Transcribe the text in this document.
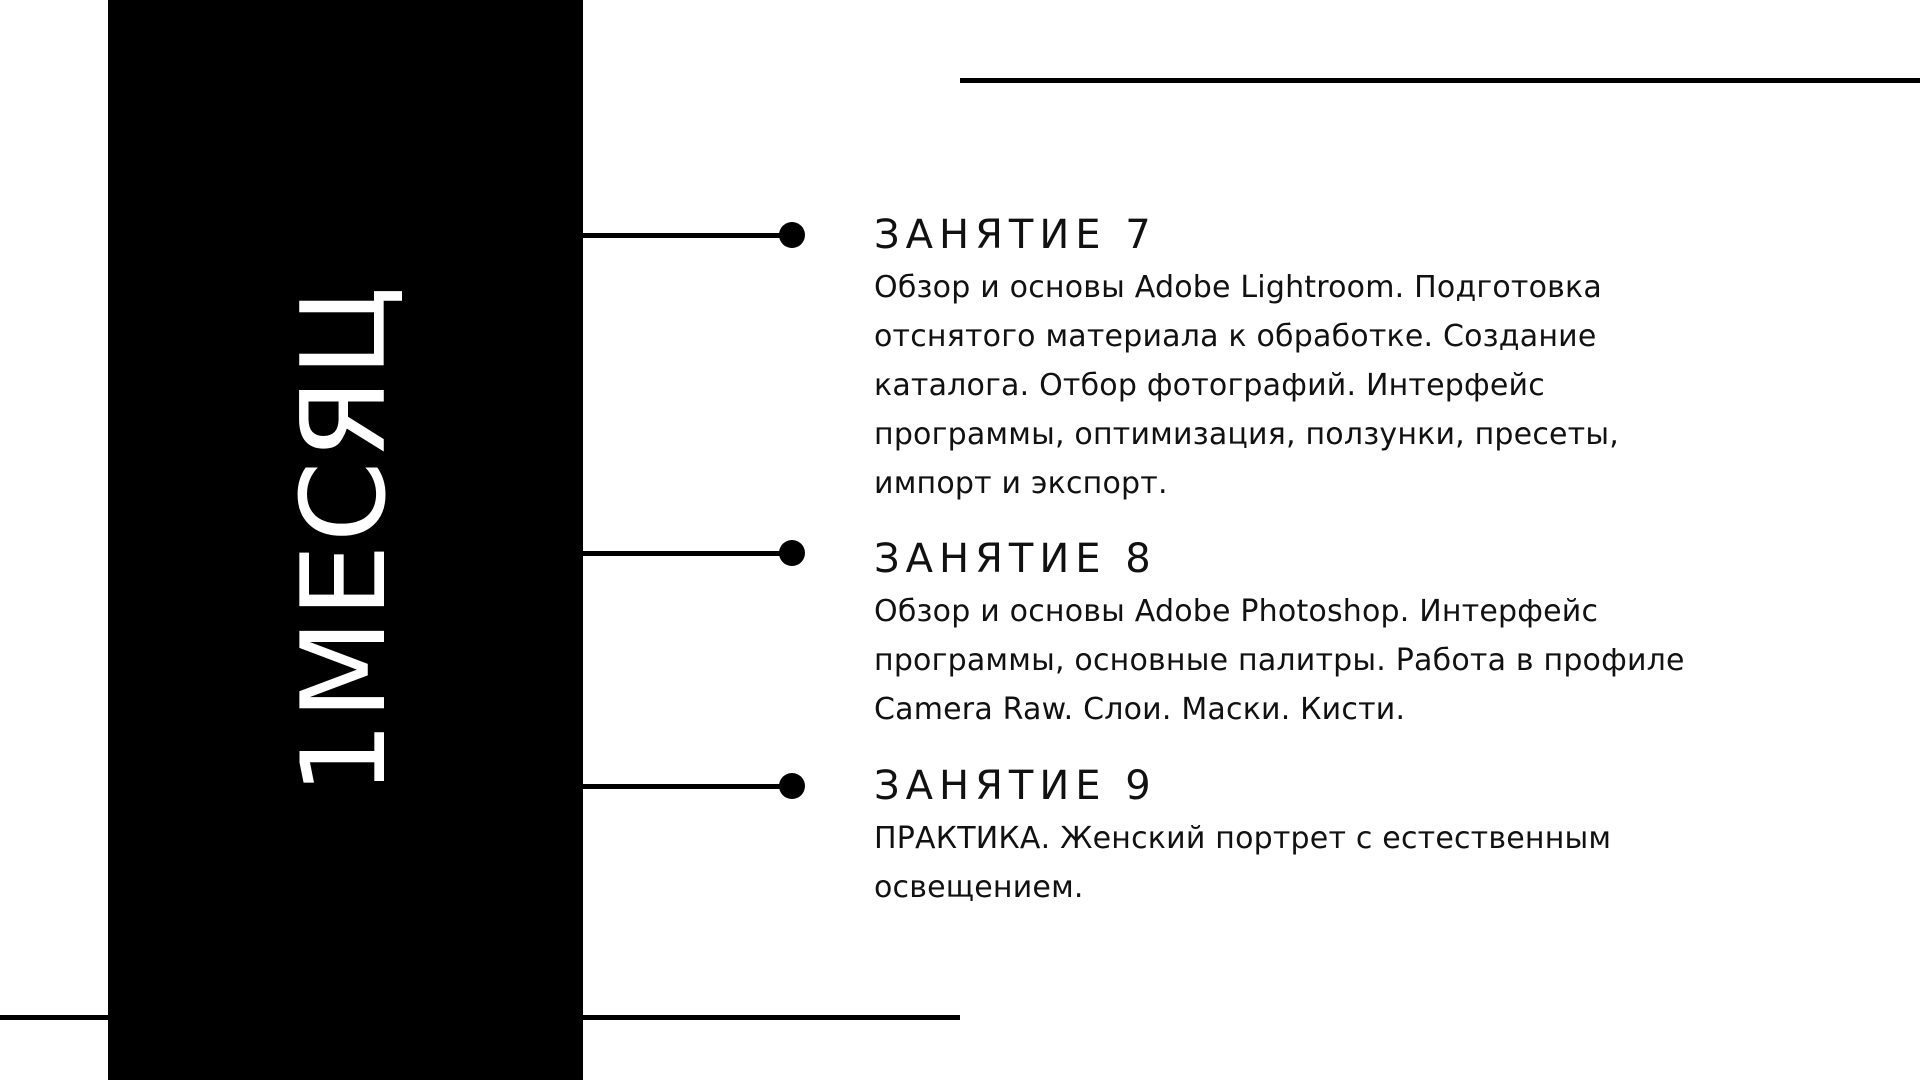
1МЕСЯЦ
ЗАНЯТИЕ 7
Обзор и основы Adobe Lightroom. Подготовка отснятого материала к обработке. Создание каталога. Отбор фотографий. Интерфейс программы, оптимизация, ползунки, пресеты, импорт и экспорт.
ЗАНЯТИЕ 8
Обзор и основы Adobe Photoshop. Интерфейс программы, основные палитры. Работа в профиле Camera Raw. Слои. Маски. Кисти.
ЗАНЯТИЕ 9
ПРАКТИКА. Женский портрет с естественным освещением.
